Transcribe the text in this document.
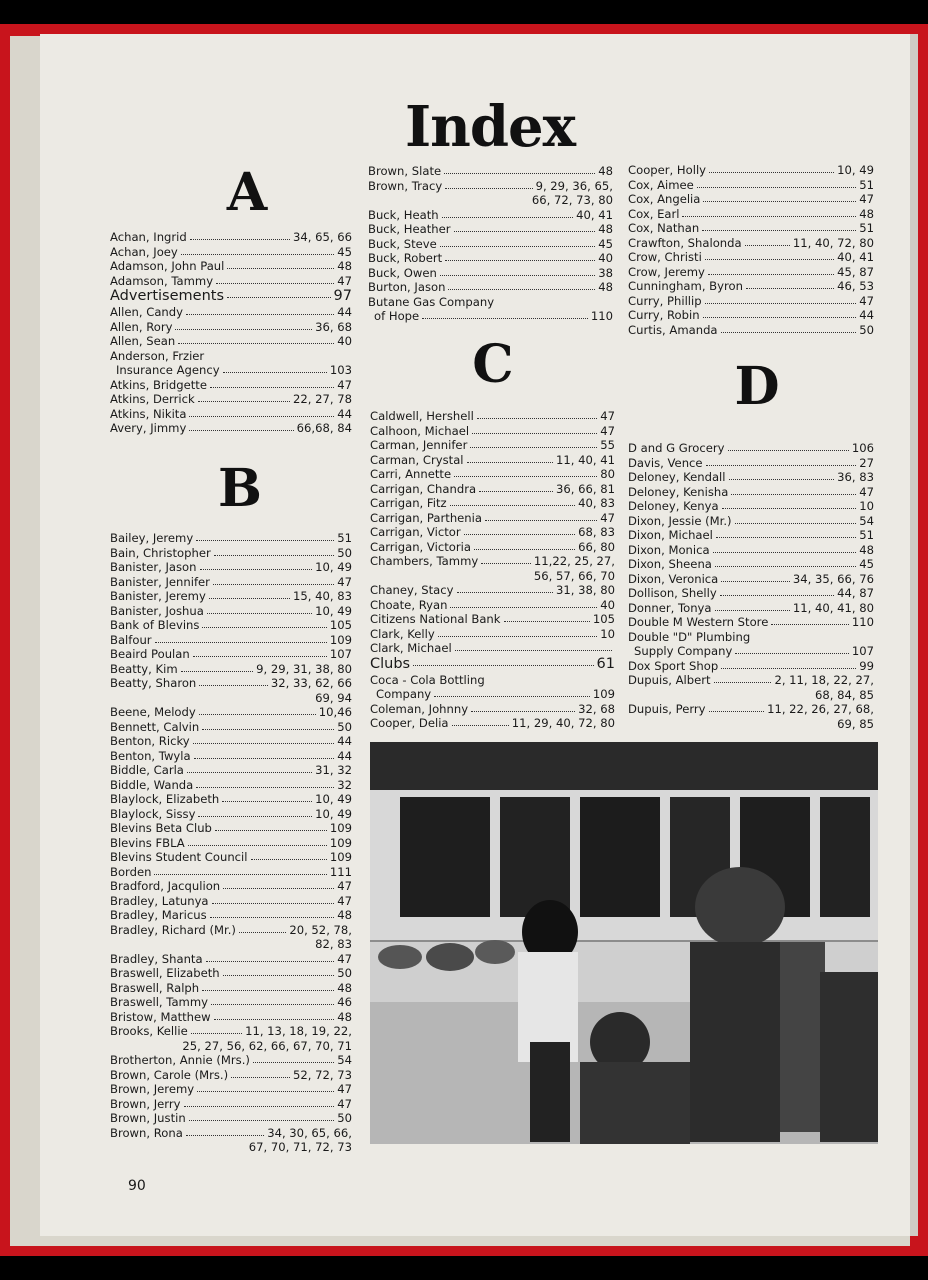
Index
A
Achan, Ingrid	34, 65, 66
Achan, Joey	45
Adamson, John Paul	48
Adamson, Tammy	47
Advertisements	97
Allen, Candy	44
Allen, Rory	36, 68
Allen, Sean	40
Anderson, Frzier
Insurance Agency	103
Atkins, Bridgette	47
Atkins, Derrick	22, 27, 78
Atkins, Nikita	44
Avery, Jimmy	66,68, 84
B
Bailey, Jeremy	51
Bain, Christopher	50
Banister, Jason	10, 49
Banister, Jennifer	47
Banister, Jeremy	15, 40, 83
Banister, Joshua	10, 49
Bank of Blevins	105
Balfour	109
Beaird Poulan	107
Beatty, Kim	9, 29, 31, 38, 80
Beatty, Sharon	32, 33, 62, 66
69, 94
Beene, Melody	10,46
Bennett, Calvin	50
Benton, Ricky	44
Benton, Twyla	44
Biddle, Carla	31, 32
Biddle, Wanda	32
Blaylock, Elizabeth	10, 49
Blaylock, Sissy	10, 49
Blevins Beta Club	109
Blevins FBLA	109
Blevins Student Council	109
Borden	111
Bradford, Jacqulion	47
Bradley, Latunya	47
Bradley, Maricus	48
Bradley, Richard (Mr.)	20, 52, 78,
82, 83
Bradley, Shanta	47
Braswell, Elizabeth	50
Braswell, Ralph	48
Braswell, Tammy	46
Bristow, Matthew	48
Brooks, Kellie	11, 13, 18, 19, 22,
25, 27, 56, 62, 66, 67, 70, 71
Brotherton, Annie (Mrs.)	54
Brown, Carole (Mrs.)	52, 72, 73
Brown, Jeremy	47
Brown, Jerry	47
Brown, Justin	50
Brown, Rona	34, 30, 65, 66,
67, 70, 71, 72, 73
Brown, Slate	48
Brown, Tracy	9, 29, 36, 65,
66, 72, 73, 80
Buck, Heath	40, 41
Buck, Heather	48
Buck, Steve	45
Buck, Robert	40
Buck, Owen	38
Burton, Jason	48
Butane Gas Company
of Hope	110
C
Caldwell, Hershell	47
Calhoon, Michael	47
Carman, Jennifer	55
Carman, Crystal	11, 40, 41
Carri, Annette	80
Carrigan, Chandra	36, 66, 81
Carrigan, Fitz	40, 83
Carrigan, Parthenia	47
Carrigan, Victor	68, 83
Carrigan, Victoria	66, 80
Chambers, Tammy	11,22, 25, 27,
56, 57, 66, 70
Chaney, Stacy	31, 38, 80
Choate, Ryan	40
Citizens National Bank	105
Clark, Kelly	10
Clark, Michael
Clubs	61
Coca - Cola Bottling
Company	109
Coleman, Johnny	32, 68
Cooper, Delia	11, 29, 40, 72, 80
Cooper, Holly	10, 49
Cox, Aimee	51
Cox, Angelia	47
Cox, Earl	48
Cox, Nathan	51
Crawfton, Shalonda	11, 40, 72, 80
Crow, Christi	40, 41
Crow, Jeremy	45, 87
Cunningham, Byron	46, 53
Curry, Phillip	47
Curry, Robin	44
Curtis, Amanda	50
D
D and G Grocery	106
Davis, Vence	27
Deloney, Kendall	36, 83
Deloney, Kenisha	47
Deloney, Kenya	10
Dixon, Jessie (Mr.)	54
Dixon, Michael	51
Dixon, Monica	48
Dixon, Sheena	45
Dixon, Veronica	34, 35, 66, 76
Dollison, Shelly	44, 87
Donner, Tonya	11, 40, 41, 80
Double M Western Store	110
Double "D" Plumbing
Supply Company	107
Dox Sport Shop	99
Dupuis, Albert	2, 11, 18, 22, 27,
68, 84, 85
Dupuis, Perry	11, 22, 26, 27, 68,
69, 85
90
